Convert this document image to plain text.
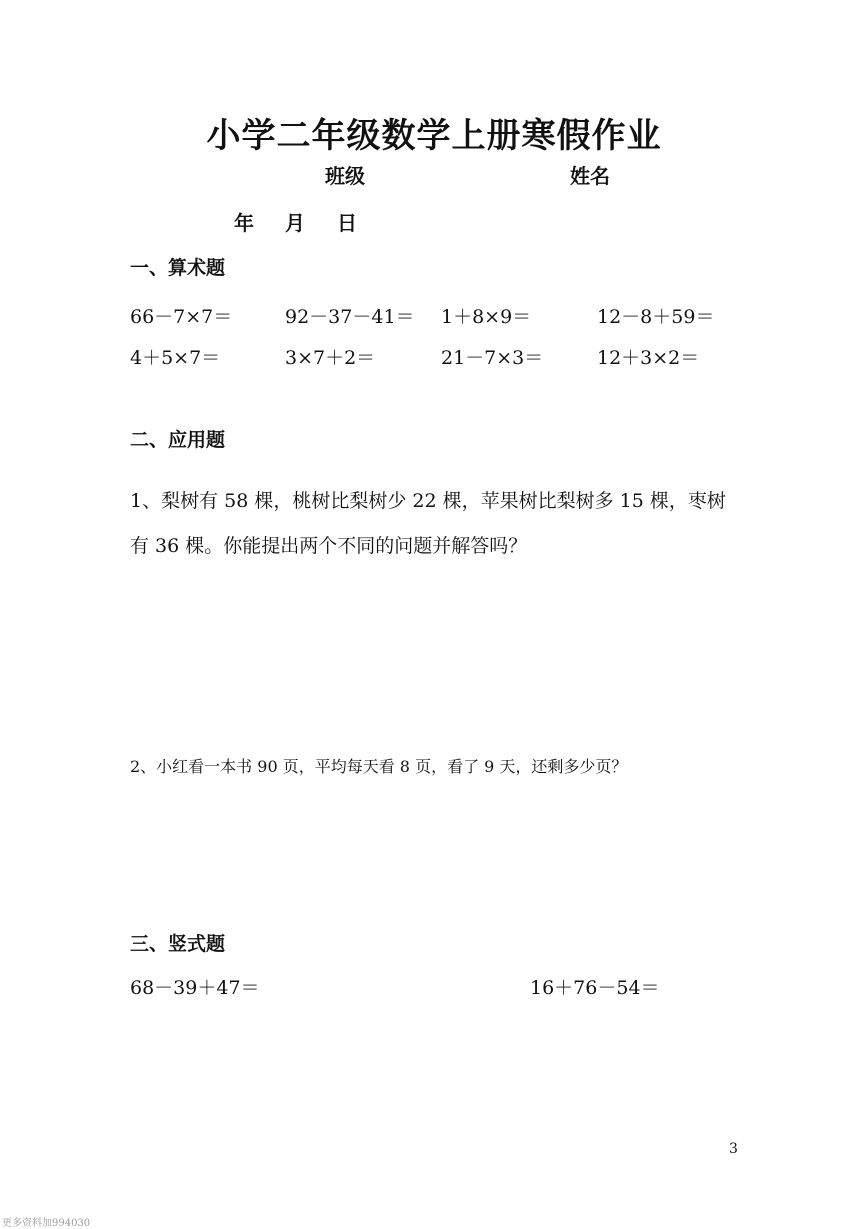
小学二年级数学上册寒假作业
班级	姓名
年 月 日
一、算术题
66－7×7＝	92－37－41＝ 1＋8×9＝	12－8＋59＝
4＋5×7＝	3×7＋2＝	21－7×3＝	12＋3×2＝
二、应用题
1、梨树有 58 棵，桃树比梨树少 22 棵，苹果树比梨树多 15 棵，枣树
有 36 棵。你能提出两个不同的问题并解答吗？
2、小红看一本书 90 页，平均每天看 8 页，看了 9 天，还剩多少页？
三、竖式题
68－39＋47＝	16＋76－54＝
3
更多资料加994030
